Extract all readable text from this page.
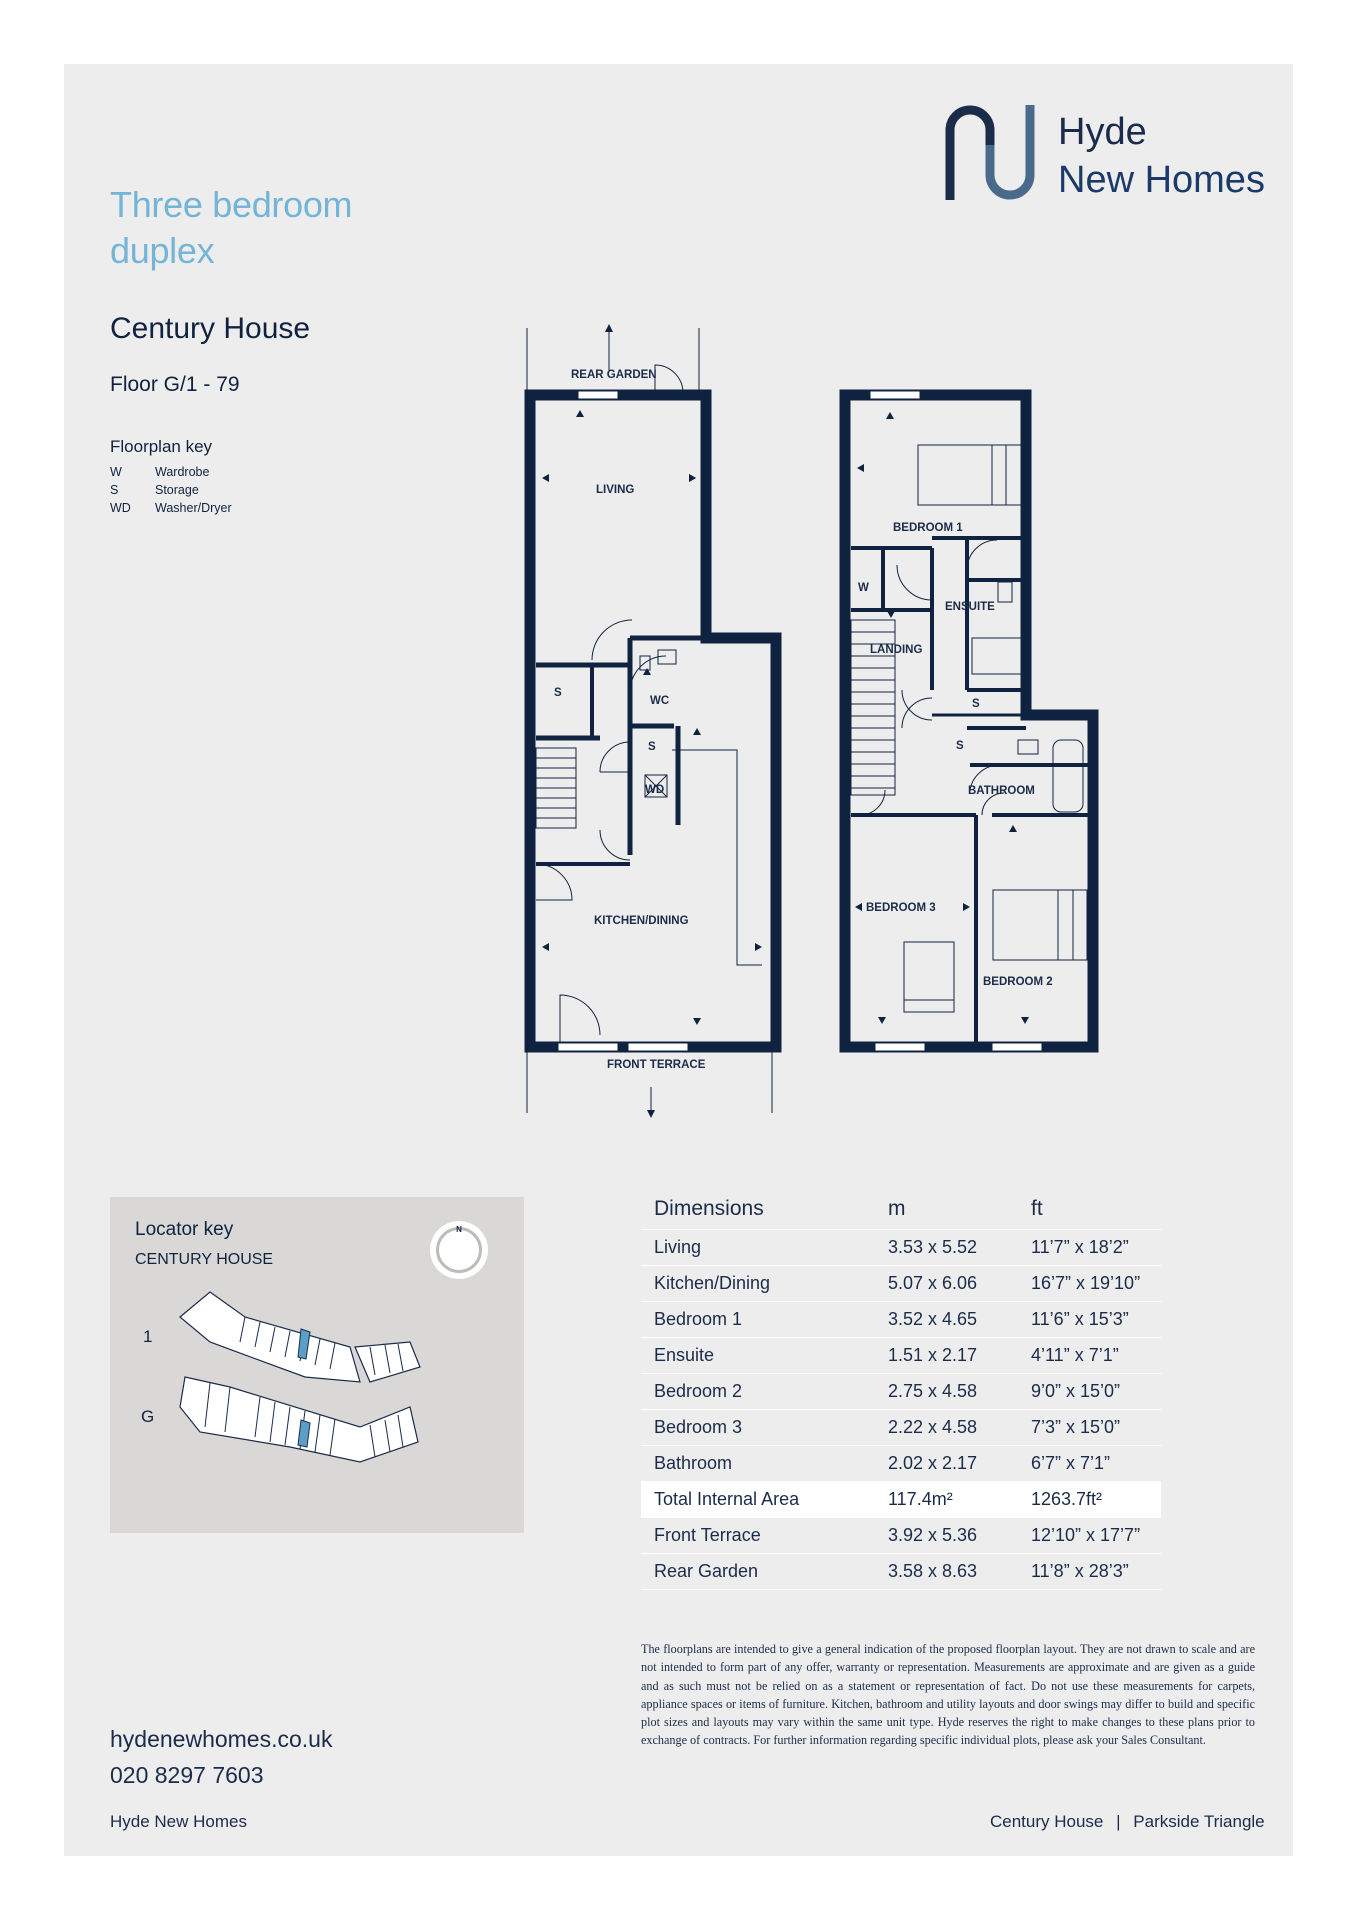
Hyde
New Homes
Three bedroom
duplex
Century House
Floor G/1 - 79
Floorplan key
W	Wardrobe
S	Storage
WD Washer/Dryer
REAR GARDEN
LIVING
S
WC
S
WD
KITCHEN/DINING
FRONT TERRACE
BEDROOM 1
W
ENSUITE
LANDING
S
S
BATHROOM
BEDROOM 3
BEDROOM 2
Locator key
CENTURY HOUSE
1
G
N
Dimensions	m	ft
Living	3.53 x 5.52	11’7” x 18’2”
Kitchen/Dining	5.07 x 6.06	16’7” x 19’10”
Bedroom 1	3.52 x 4.65	11’6” x 15’3”
Ensuite	1.51 x 2.17	4’11” x 7’1”
Bedroom 2	2.75 x 4.58	9’0” x 15’0”
Bedroom 3	2.22 x 4.58	7’3” x 15’0”
Bathroom	2.02 x 2.17	6’7” x 7’1”
Total Internal Area	117.4m²	1263.7ft²
Front Terrace	3.92 x 5.36	12’10” x 17’7”
Rear Garden	3.58 x 8.63	11’8” x 28’3”
The floorplans are intended to give a general indication of the proposed floorplan layout. They are not drawn to scale and are not intended to form part of any offer, warranty or representation. Measurements are approximate and are given as a guide and as such must not be relied on as a statement or representation of fact. Do not use these measurements for carpets, appliance spaces or items of furniture. Kitchen, bathroom and utility layouts and door swings may differ to build and specific plot sizes and layouts may vary within the same unit type. Hyde reserves the right to make changes to these plans prior to exchange of contracts. For further information regarding specific individual plots, please ask your Sales Consultant.
hydenewhomes.co.uk
020 8297 7603
Hyde New Homes	Century House | Parkside Triangle
